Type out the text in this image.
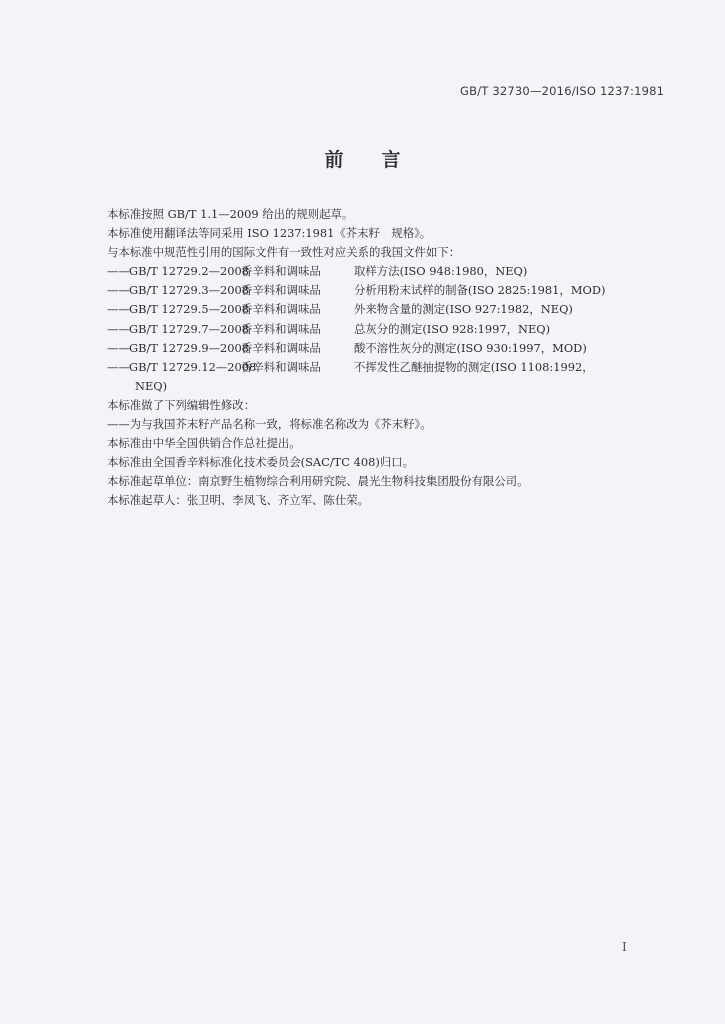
GB/T 32730—2016/ISO 1237:1981
前言

本标准按照 GB/T 1.1—2009 给出的规则起草。

本标准使用翻译法等同采用 ISO 1237:1981《芥末籽　规格》。

与本标准中规范性引用的国际文件有一致性对应关系的我国文件如下：

—— GB/T 12729.2—2008
香辛料和调味品	取样方法(ISO 948:1980，NEQ)
—— GB/T 12729.3—2008
香辛料和调味品	分析用粉末试样的制备(ISO 2825:1981，MOD)
—— GB/T 12729.5—2008
香辛料和调味品	外来物含量的测定(ISO 927:1982，NEQ)
—— GB/T 12729.7—2008
香辛料和调味品	总灰分的测定(ISO 928:1997，NEQ)
—— GB/T 12729.9—2008
香辛料和调味品	酸不溶性灰分的测定(ISO 930:1997，MOD)
—— GB/T 12729.12—2008
香辛料和调味品	不挥发性乙醚抽提物的测定(ISO 1108:1992，

NEQ)

本标准做了下列编辑性修改：

——为与我国芥末籽产品名称一致，将标准名称改为《芥末籽》。

本标准由中华全国供销合作总社提出。

本标准由全国香辛料标准化技术委员会(SAC/TC 408)归口。

本标准起草单位：南京野生植物综合利用研究院、晨光生物科技集团股份有限公司。

本标准起草人：张卫明、李凤飞、齐立军、陈仕荣。

I
